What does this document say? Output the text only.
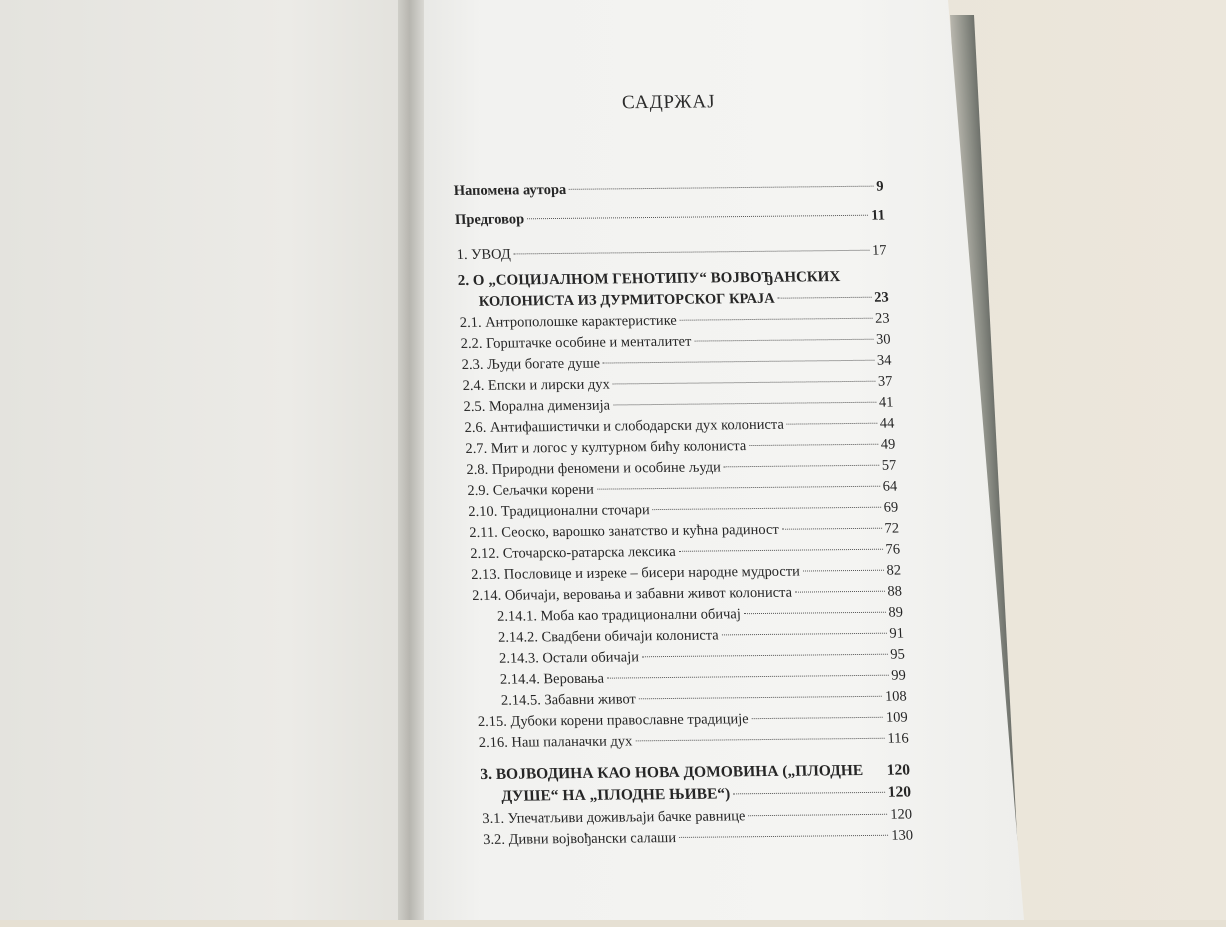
САДРЖАЈ
Напомена аутора	9
Предговор	11
1. УВОД	17
2. О „СОЦИЈАЛНОМ ГЕНОТИПУ“ ВОЈВОЂАНСКИХ
КОЛОНИСТА ИЗ ДУРМИТОРСКОГ КРАЈА	23
2.1. Антрополошке карактеристике	23
2.2. Горштачке особине и менталитет	30
2.3. Људи богате душе	34
2.4. Епски и лирски дух	37
2.5. Морална димензија	41
2.6. Антифашистички и слободарски дух колониста	44
2.7. Мит и логос у културном бићу колониста	49
2.8. Природни феномени и особине људи	57
2.9. Сељачки корени	64
2.10. Традиционални сточари	69
2.11. Сеоско, варошко занатство и кућна радиност	72
2.12. Сточарско-ратарска лексика	76
2.13. Пословице и изреке – бисери народне мудрости	82
2.14. Обичаји, веровања и забавни живот колониста	88
2.14.1. Моба као традиционални обичај	89
2.14.2. Свадбени обичаји колониста	91
2.14.3. Остали обичаји	95
2.14.4. Веровања	99
2.14.5. Забавни живот	108
2.15. Дубоки корени православне традиције	109
2.16. Наш паланачки дух	116
3. ВОЈВОДИНА КАО НОВА ДОМОВИНА („ПЛОДНЕ 120
ДУШЕ“ НА „ПЛОДНЕ ЊИВЕ“)	120
3.1. Упечатљиви доживљаји бачке равнице	120
3.2. Дивни војвођански салаши	130
